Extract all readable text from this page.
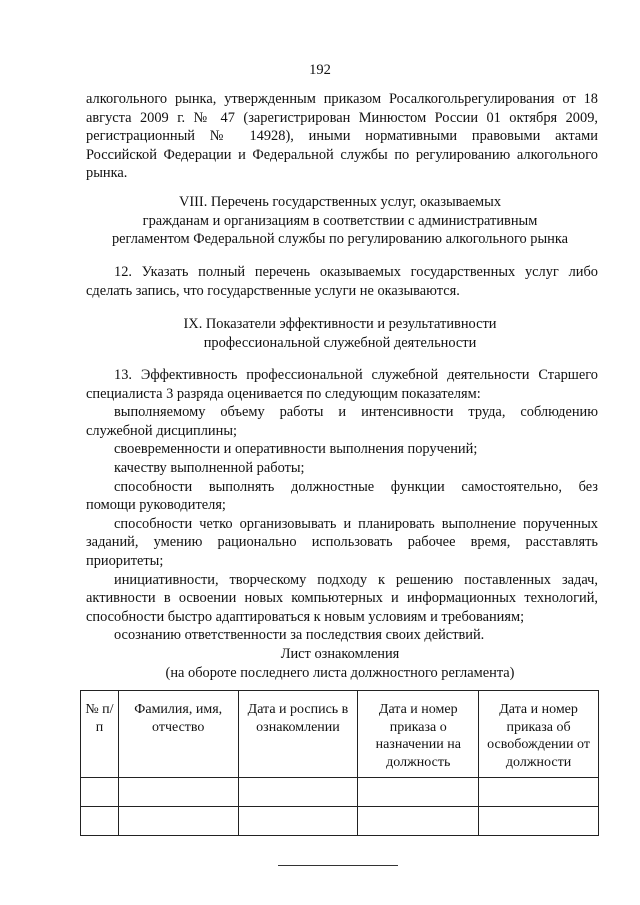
192
алкогольного рынка, утвержденным приказом Росалкогольрегулирования от 18
августа 2009 г. № 47 (зарегистрирован Минюстом России 01 октября 2009,
регистрационный № 14928), иными нормативными правовыми актами
Российской Федерации и Федеральной службы по регулированию алкогольного
рынка.
VIII. Перечень государственных услуг, оказываемых
гражданам и организациям в соответствии с административным
регламентом Федеральной службы по регулированию алкогольного рынка
12. Указать полный перечень оказываемых государственных услуг либо
сделать запись, что государственные услуги не оказываются.
IX. Показатели эффективности и результативности
профессиональной служебной деятельности
13. Эффективность профессиональной служебной деятельности Старшего
специалиста 3 разряда оценивается по следующим показателям:
выполняемому объему работы и интенсивности труда, соблюдению
служебной дисциплины;
своевременности и оперативности выполнения поручений;
качеству выполненной работы;
способности выполнять должностные функции самостоятельно, без
помощи руководителя;
способности четко организовывать и планировать выполнение порученных
заданий, умению рационально использовать рабочее время, расставлять
приоритеты;
инициативности, творческому подходу к решению поставленных задач,
активности в освоении новых компьютерных и информационных технологий,
способности быстро адаптироваться к новым условиям и требованиям;
осознанию ответственности за последствия своих действий.
Лист ознакомления
(на обороте последнего листа должностного регламента)
№ п/п	Фамилия, имя, отчество	Дата и роспись в ознакомлении	Дата и номер приказа о назначении на должность	Дата и номер приказа об освобождении от должности
